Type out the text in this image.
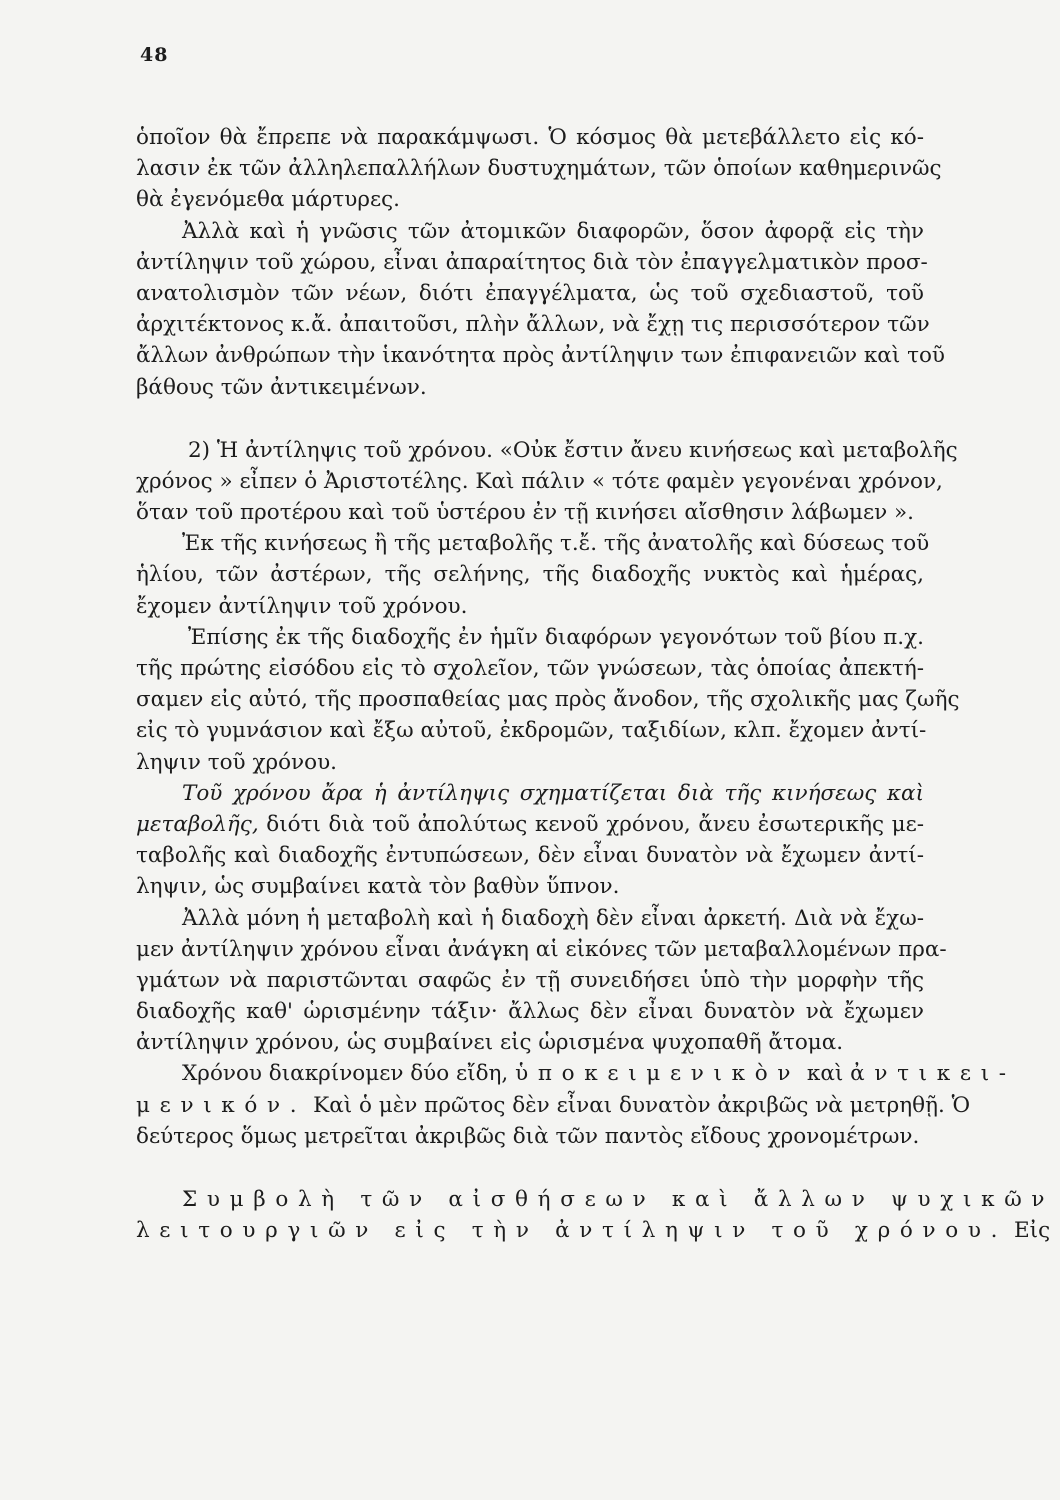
48
ὁποῖον θὰ ἔπρεπε νὰ παρακάμψωσι. Ὁ κόσμος θὰ μετεβάλλετο εἰς κό-
λασιν ἐκ τῶν ἀλληλεπαλλήλων δυστυχημάτων, τῶν ὁποίων καθημερινῶς
θὰ ἐγενόμεθα μάρτυρες.
Ἀλλὰ καὶ ἡ γνῶσις τῶν ἀτομικῶν διαφορῶν, ὅσον ἀφορᾷ εἰς τὴν
ἀντίληψιν τοῦ χώρου, εἶναι ἀπαραίτητος διὰ τὸν ἐπαγγελματικὸν προσ-
ανατολισμὸν τῶν νέων, διότι ἐπαγγέλματα, ὡς τοῦ σχεδιαστοῦ, τοῦ
ἀρχιτέκτονος κ.ἄ. ἀπαιτοῦσι, πλὴν ἄλλων, νὰ ἔχῃ τις περισσότερον τῶν
ἄλλων ἀνθρώπων τὴν ἱκανότητα πρὸς ἀντίληψιν των ἐπιφανειῶν καὶ τοῦ
βάθους τῶν ἀντικειμένων.
2) Ἡ ἀντίληψις τοῦ χρόνου. «Οὐκ ἔστιν ἄνευ κινήσεως καὶ μεταβολῆς
χρόνος » εἶπεν ὁ Ἀριστοτέλης. Καὶ πάλιν « τότε φαμὲν γεγονέναι χρόνον,
ὅταν τοῦ προτέρου καὶ τοῦ ὑστέρου ἐν τῇ κινήσει αἴσθησιν λάβωμεν ».
Ἐκ τῆς κινήσεως ἢ τῆς μεταβολῆς τ.ἔ. τῆς ἀνατολῆς καὶ δύσεως τοῦ
ἡλίου, τῶν ἀστέρων, τῆς σελήνης, τῆς διαδοχῆς νυκτὸς καὶ ἡμέρας,
ἔχομεν ἀντίληψιν τοῦ χρόνου.
Ἐπίσης ἐκ τῆς διαδοχῆς ἐν ἡμῖν διαφόρων γεγονότων τοῦ βίου π.χ.
τῆς πρώτης εἰσόδου εἰς τὸ σχολεῖον, τῶν γνώσεων, τὰς ὁποίας ἀπεκτή-
σαμεν εἰς αὐτό, τῆς προσπαθείας μας πρὸς ἄνοδον, τῆς σχολικῆς μας ζωῆς
εἰς τὸ γυμνάσιον καὶ ἔξω αὐτοῦ, ἐκδρομῶν, ταξιδίων, κλπ. ἔχομεν ἀντί-
ληψιν τοῦ χρόνου.
Τοῦ χρόνου ἄρα ἡ ἀντίληψις σχηματίζεται διὰ τῆς κινήσεως καὶ
μεταβολῆς, διότι διὰ τοῦ ἀπολύτως κενοῦ χρόνου, ἄνευ ἐσωτερικῆς με-
ταβολῆς καὶ διαδοχῆς ἐντυπώσεων, δὲν εἶναι δυνατὸν νὰ ἔχωμεν ἀντί-
ληψιν, ὡς συμβαίνει κατὰ τὸν βαθὺν ὕπνον.
Ἀλλὰ μόνη ἡ μεταβολὴ καὶ ἡ διαδοχὴ δὲν εἶναι ἀρκετή. Διὰ νὰ ἔχω-
μεν ἀντίληψιν χρόνου εἶναι ἀνάγκη αἱ εἰκόνες τῶν μεταβαλλομένων πρα-
γμάτων νὰ παριστῶνται σαφῶς ἐν τῇ συνειδήσει ὑπὸ τὴν μορφὴν τῆς
διαδοχῆς καθ' ὡρισμένην τάξιν· ἄλλως δὲν εἶναι δυνατὸν νὰ ἔχωμεν
ἀντίληψιν χρόνου, ὡς συμβαίνει εἰς ὡρισμένα ψυχοπαθῆ ἄτομα.
Χρόνου διακρίνομεν δύο εἴδη, ὑποκειμενικὸν καὶ ἀντικει-
μενικόν. Καὶ ὁ μὲν πρῶτος δὲν εἶναι δυνατὸν ἀκριβῶς νὰ μετρηθῇ. Ὁ
δεύτερος ὅμως μετρεῖται ἀκριβῶς διὰ τῶν παντὸς εἴδους χρονομέτρων.
Συμβολὴ τῶν αἰσθήσεων καὶ ἄλλων ψυχικῶν
λειτουργιῶν εἰς τὴν ἀντίληψιν τοῦ χρόνου. Εἰς
